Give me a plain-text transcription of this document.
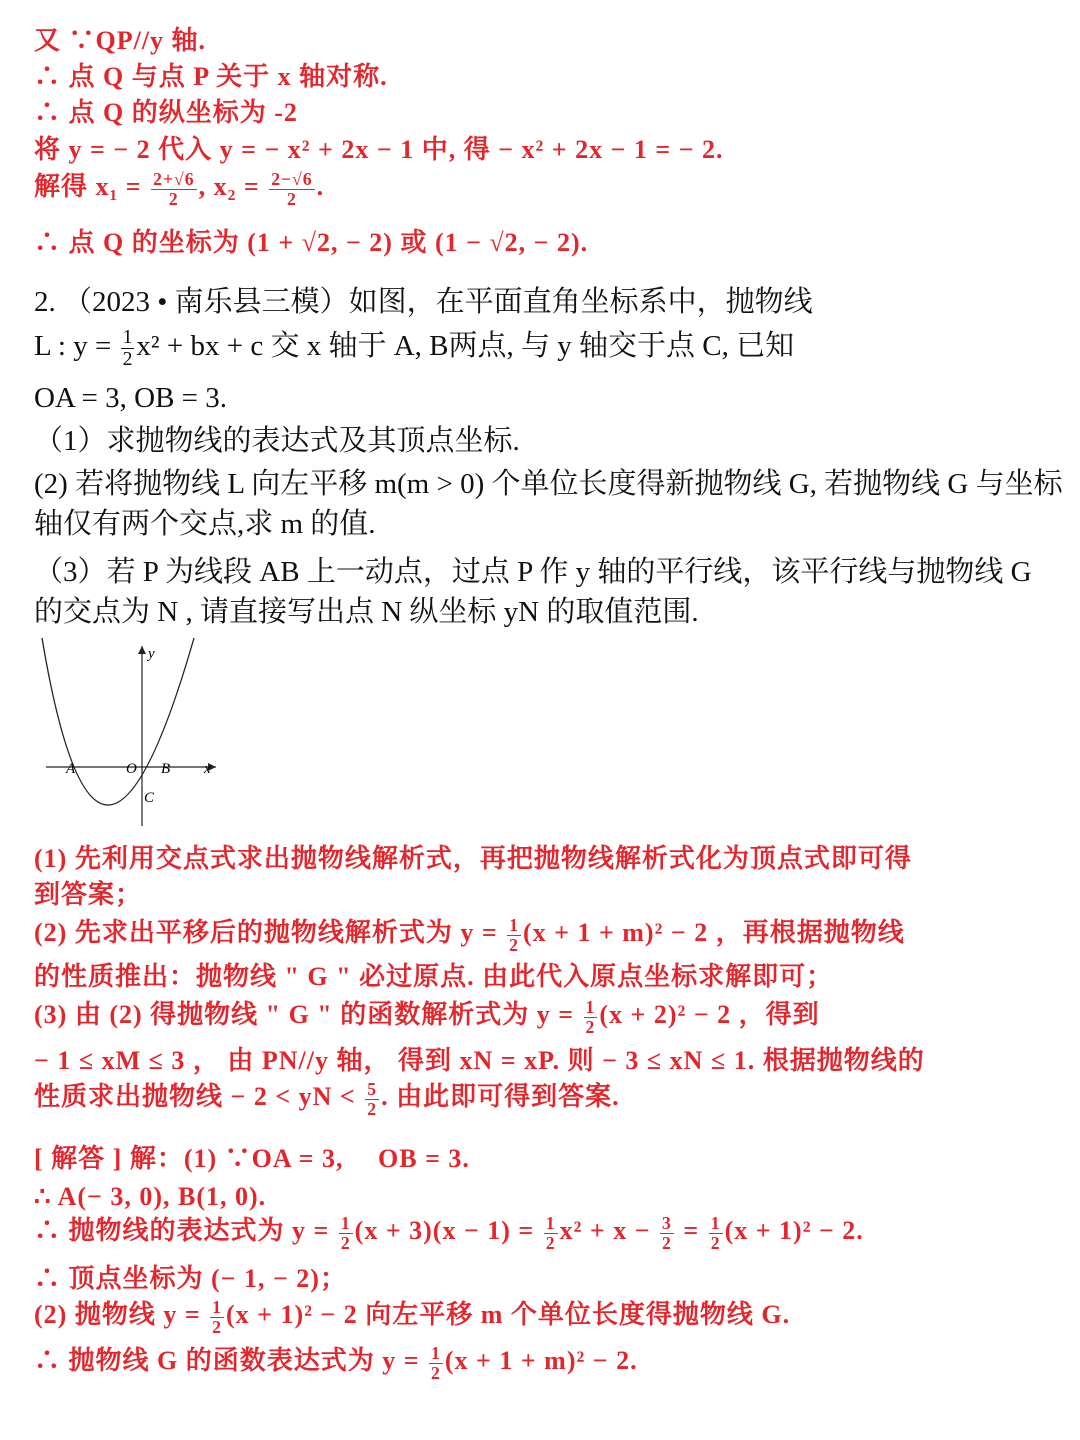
又 ∵QP//y 轴.
∴ 点 Q 与点 P 关于 x 轴对称.
∴ 点 Q 的纵坐标为 -2
将 y = − 2 代入 y = − x² + 2x − 1 中, 得 − x² + 2x − 1 = − 2.
解得 $x_1 = \frac{2+√6}{2}$ , $x_2 = \frac{2-√6}{2}$ .
∴ 点 Q 的坐标为 (1 + √2, − 2) 或 (1 − √2, − 2).
2. （2023 • 南乐县三模）如图，在平面直角坐标系中，抛物线
L : $y = \frac{1}{2} x^2$ + bx + c 交 x 轴于 A, B两点, 与 y 轴交于点 C, 已知
OA = 3, OB = 3.
（1）求抛物线的表达式及其顶点坐标.
(2) 若将抛物线 L 向左平移 m(m > 0) 个单位长度得新抛物线 G, 若抛物线 G 与坐标轴仅有两个交点,求 m 的值.
（3）若 P 为线段 AB 上一动点，过点 P 作 y 轴的平行线，该平行线与抛物线 G 的交点为 N , 请直接写出点 N 纵坐标 yN 的取值范围.
y
x
A	O B
C
(1) 先利用交点式求出抛物线解析式，再把抛物线解析式化为顶点式即可得
到答案；
(2) 先求出平移后的抛物线解析式为 $y = \frac{1}{2} (x + 1 + m)^2 - 2$ ，再根据抛物线
的性质推出：抛物线 " G " 必过原点. 由此代入原点坐标求解即可；
(3) 由 (2) 得抛物线 " G " 的函数解析式为 $y = \frac{1}{2} (x + 2)^2 - 2$ ，得到
− 1 ≤ xM ≤ 3 ， 由 PN//y 轴， 得到 xN = xP. 则 − 3 ≤ xN ≤ 1. 根据抛物线的
性质求出抛物线 − 2 < yN < $\frac{5}{2}$ . 由此即可得到答案.
[ 解答 ] 解：(1) ∵OA = 3, 　OB = 3.
∴ A(− 3, 0), B(1, 0).
∴ 抛物线的表达式为 $y = \frac{1}{2} (x + 3)(x - 1) = \frac{1}{2} x^2 + x - \frac{3}{2} = \frac{1}{2} (x + 1)^2 - 2$.
∴ 顶点坐标为 (− 1, − 2)；
(2) 抛物线 $y = \frac{1}{2} (x + 1)^2 - 2$ 向左平移 m 个单位长度得抛物线 G.
∴ 抛物线 G 的函数表达式为 $y = \frac{1}{2} (x + 1 + m)^2 - 2$.
